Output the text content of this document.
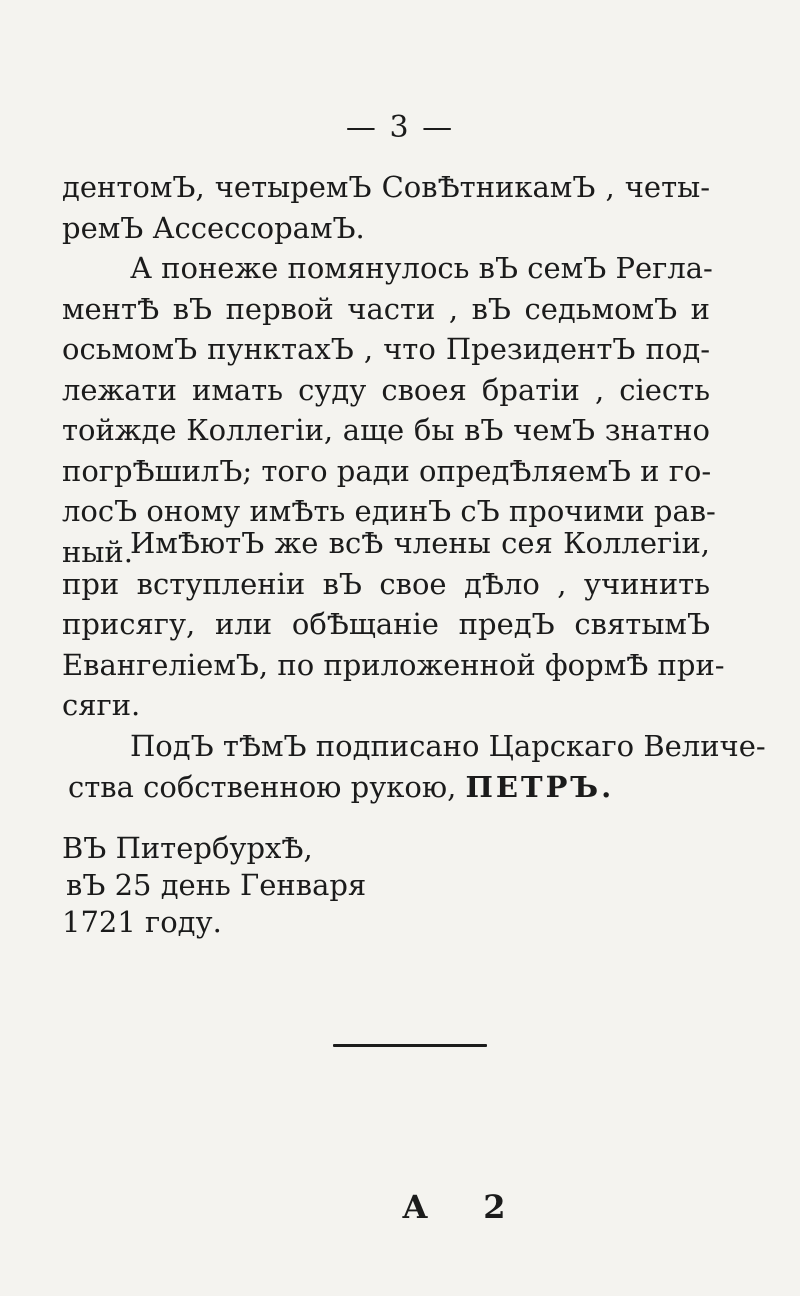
— 3 —
дентомЪ, четыремЪ СовѢтникамЪ , четы-
ремЪ АссессорамЪ.
А понеже помянулось вЪ семЪ Регла-
ментѢ вЪ первой части , вЪ седьмомЪ и
осьмомЪ пунктахЪ , что ПрезидентЪ под-
лежати имать суду своея братіи , сіесть
тойжде Коллегіи, аще бы вЪ чемЪ знатно
погрѢшилЪ; того ради опредѢляемЪ и го-
лосЪ оному имѢть единЪ сЪ прочими рав-
ный.
ИмѢютЪ же всѢ члены сея Коллегіи,
при вступленіи вЪ свое дѢло , учинить
присягу, или обѢщаніе предЪ святымЪ
ЕвангеліемЪ, по приложенной формѢ при-
сяги.
ПодЪ тѢмЪ подписано Царскаго Величе-
ства собственною рукою, ПЕТРЪ.
ВЪ ПитербурхѢ,
вЪ 25 день Генваря
1721 году.
А 2
